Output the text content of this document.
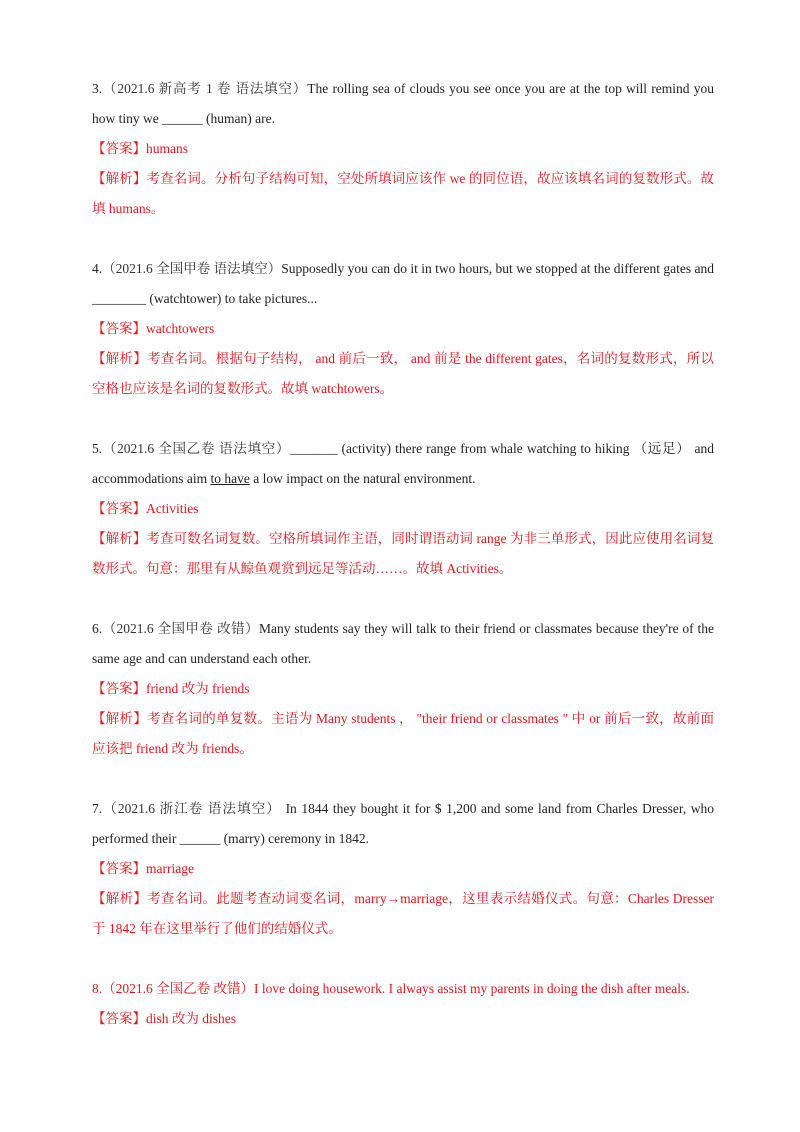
3.（2021.6 新高考 1 卷 语法填空）The rolling sea of clouds you see once you are at the top will remind you how tiny we ______ (human) are.
【答案】humans
【解析】考查名词。分析句子结构可知，空处所填词应该作 we 的同位语，故应该填名词的复数形式。故填 humans。
4.（2021.6 全国甲卷 语法填空）Supposedly you can do it in two hours, but we stopped at the different gates and ________ (watchtower) to take pictures...
【答案】watchtowers
【解析】考查名词。根据句子结构， and 前后一致， and 前是 the different gates，名词的复数形式，所以空格也应该是名词的复数形式。故填 watchtowers。
5.（2021.6 全国乙卷 语法填空）_______ (activity) there range from whale watching to hiking （远足） and accommodations aim to have a low impact on the natural environment.
【答案】Activities
【解析】考查可数名词复数。空格所填词作主语，同时谓语动词 range 为非三单形式，因此应使用名词复数形式。句意：那里有从鲸鱼观赏到远足等活动……。故填 Activities。
6.（2021.6 全国甲卷 改错）Many students say they will talk to their friend or classmates because they're of the same age and can understand each other.
【答案】friend 改为 friends
【解析】考查名词的单复数。主语为 Many students ， "their friend or classmates " 中 or 前后一致，故前面应该把 friend 改为 friends。
7.（2021.6 浙江卷 语法填空） In 1844 they bought it for $ 1,200 and some land from Charles Dresser, who performed their ______ (marry) ceremony in 1842.
【答案】marriage
【解析】考查名词。此题考查动词变名词，marry→marriage，这里表示结婚仪式。句意：Charles Dresser 于 1842 年在这里举行了他们的结婚仪式。
8.（2021.6 全国乙卷 改错）I love doing housework. I always assist my parents in doing the dish after meals.
【答案】dish 改为 dishes
